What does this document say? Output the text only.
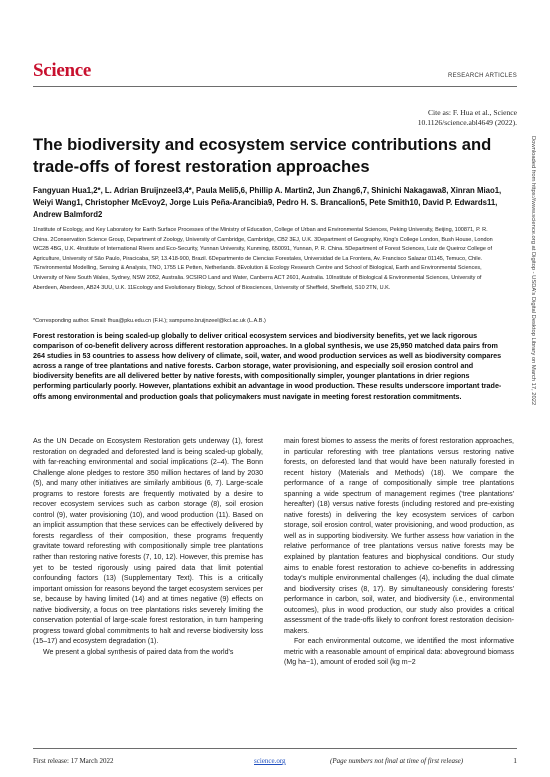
Science	RESEARCH ARTICLES
Cite as: F. Hua et al., Science
10.1126/science.abl4649 (2022).
The biodiversity and ecosystem service contributions and trade-offs of forest restoration approaches
Fangyuan Hua1,2*, L. Adrian Bruijnzeel3,4*, Paula Meli5,6, Phillip A. Martin2, Jun Zhang6,7, Shinichi Nakagawa8, Xinran Miao1, Weiyi Wang1, Christopher McEvoy2, Jorge Luis Peña-Arancibia9, Pedro H. S. Brancalion5, Pete Smith10, David P. Edwards11, Andrew Balmford2
1Institute of Ecology, and Key Laboratory for Earth Surface Processes of the Ministry of Education, College of Urban and Environmental Sciences, Peking University, Beijing, 100871, P. R. China. 2Conservation Science Group, Department of Zoology, University of Cambridge, Cambridge, CB2 3EJ, U.K. 3Department of Geography, King's College London, Bush House, London WC2B 4BG, U.K. 4Institute of International Rivers and Eco-Security, Yunnan University, Kunming, 650091, Yunnan, P. R. China. 5Department of Forest Sciences, Luiz de Queiroz College of Agriculture, University of São Paulo, Piracicaba, SP, 13.418-900, Brazil. 6Departmento de Ciencias Forestales, Universidad de La Frontera, Av. Francisco Salazar 01145, Temuco, Chile. 7Environmental Modelling, Sensing & Analysis, TNO, 1755 LE Petten, Netherlands. 8Evolution & Ecology Research Centre and School of Biological, Earth and Environmental Sciences, University of New South Wales, Sydney, NSW 2052, Australia. 9CSIRO Land and Water, Canberra ACT 2601, Australia. 10Institute of Biological & Environmental Sciences, University of Aberdeen, Aberdeen, AB24 3UU, U.K. 11Ecology and Evolutionary Biology, School of Biosciences, University of Sheffield, Sheffield, S10 2TN, U.K.
*Corresponding author. Email: fhua@pku.edu.cn (F.H.); sampurno.bruijnzeel@kcl.ac.uk (L.A.B.)
Forest restoration is being scaled-up globally to deliver critical ecosystem services and biodiversity benefits, yet we lack rigorous comparison of co-benefit delivery across different restoration approaches. In a global synthesis, we use 25,950 matched data pairs from 264 studies in 53 countries to assess how delivery of climate, soil, water, and wood production services as well as biodiversity compares across a range of tree plantations and native forests. Carbon storage, water provisioning, and especially soil erosion control and biodiversity benefits are all delivered better by native forests, with compositionally simpler, younger plantations in drier regions performing particularly poorly. However, plantations exhibit an advantage in wood production. These results underscore important trade-offs among environmental and production goals that policymakers must navigate in meeting forest restoration commitments.

As the UN Decade on Ecosystem Restoration gets underway (1), forest restoration on degraded and deforested land is being scaled-up globally, with far-reaching environmental and social implications (2–4). The Bonn Challenge alone pledges to restore 350 million hectares of land by 2030 (5), and many other initiatives are similarly ambitious (6, 7). Large-scale programs to restore forests are frequently motivated by a desire to recover ecosystem services such as carbon storage (8), soil erosion control (9), water provisioning (10), and wood production (11). Based on an implicit assumption that these services can be effectively delivered by forests regardless of their composition, these programs frequently gravitate toward reforesting with compositionally simple tree plantations rather than restoring native forests (7, 10, 12). However, this premise has yet to be tested rigorously using paired data that limit potential confounding factors (13) (Supplementary Text). This is a critically important omission for reasons beyond the target ecosystem services per se, because by having limited (14) and at times negative (9) effects on native biodiversity, a focus on tree plantations risks severely limiting the conservation potential of large-scale forest restoration, in turn hampering progress toward global commitments to halt and reverse biodiversity loss (15–17) and ecosystem degradation (1).

We present a global synthesis of paired data from the world's

main forest biomes to assess the merits of forest restoration approaches, in particular reforesting with tree plantations versus restoring native forests, on deforested land that would have been naturally forested in recent history (Materials and Methods) (18). We compare the performance of a range of compositionally simple tree plantations spanning a wide spectrum of management regimes ('tree plantations' hereafter) (18) versus native forests (including restored and pre-existing native forests) in delivering the key ecosystem services of carbon storage, soil erosion control, water provisioning, and wood production, as well as in supporting biodiversity. We further assess how variation in the relative performance of tree plantations versus native forests may be explained by plantation features and biophysical conditions. Our study aims to enable forest restoration to achieve co-benefits in addressing today's multiple environmental challenges (4), including the dual climate and biodiversity crises (8, 17). By simultaneously considering forests' performance in carbon, soil, water, and biodiversity (i.e., environmental outcomes), plus in wood production, our study also provides a critical assessment of the trade-offs likely to confront forest restoration decision-makers.

For each environmental outcome, we identified the most informative metric with a reasonable amount of empirical data: aboveground biomass (Mg ha−1), amount of eroded soil (kg m−2

First release: 17 March 2022	science.org	(Page numbers not final at time of first release)	1
Downloaded from https://www.science.org at Digitop - USDA's Digital Desktop Library on March 17, 2022
